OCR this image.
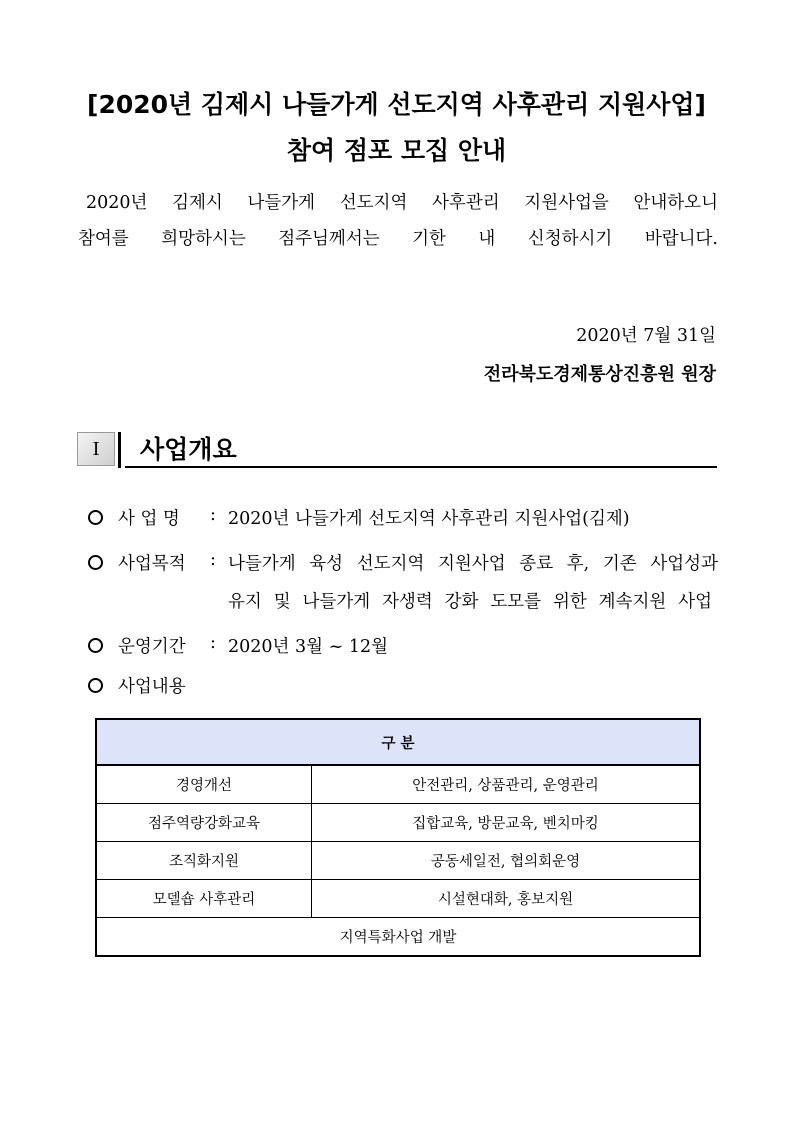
[2020년 김제시 나들가게 선도지역 사후관리 지원사업]
참여 점포 모집 안내
2020년 김제시 나들가게 선도지역 사후관리 지원사업을 안내하오니
참여를 희망하시는 점주님께서는 기한 내 신청하시기 바랍니다.
2020년 7월 31일
전라북도경제통상진흥원 원장
Ⅰ 사업개요
사 업 명	: 2020년 나들가게 선도지역 사후관리 지원사업(김제)
사업목적 : 나들가게 육성 선도지역 지원사업 종료 후, 기존 사업성과
유지 및 나들가게 자생력 강화 도모를 위한 계속지원 사업
운영기간 : 2020년 3월 ~ 12월
사업내용
구 분	
경영개선	안전관리, 상품관리, 운영관리
점주역량강화교육	집합교육, 방문교육, 벤치마킹
조직화지원	공동세일전, 협의회운영
모델숍 사후관리	시설현대화, 홍보지원
지역특화사업 개발	
